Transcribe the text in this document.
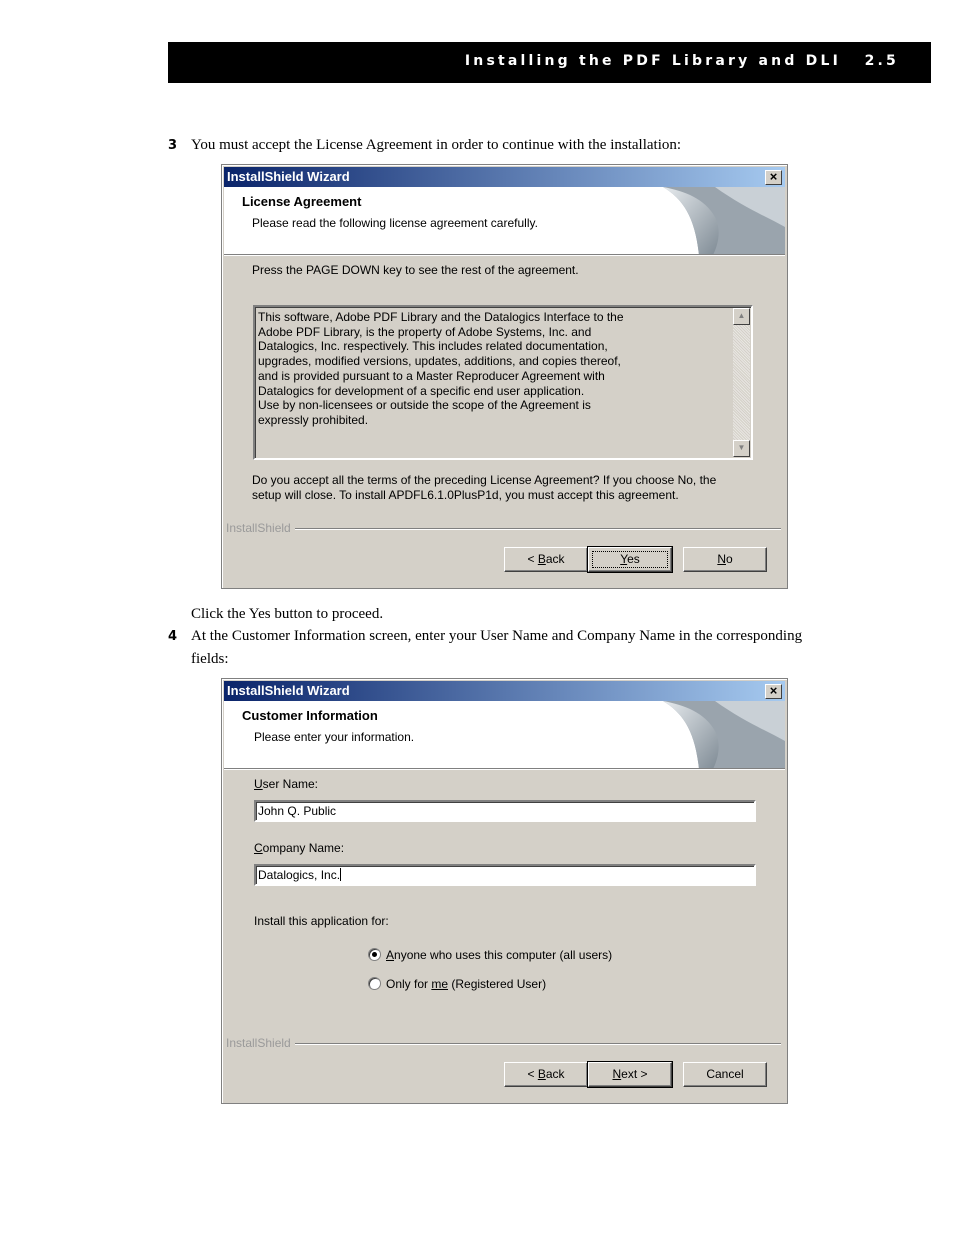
Installing the PDF Library and DLI 2.5
3 You must accept the License Agreement in order to continue with the installation:
InstallShield Wizard	×
License Agreement
Please read the following license agreement carefully.
Press the PAGE DOWN key to see the rest of the agreement.
This software, Adobe PDF Library and the Datalogics Interface to the
Adobe PDF Library, is the property of Adobe Systems, Inc. and
Datalogics, Inc. respectively. This includes related documentation,
upgrades, modified versions, updates, additions, and copies thereof,
and is provided pursuant to a Master Reproducer Agreement with
Datalogics for development of a specific end user application.
Use by non-licensees or outside the scope of the Agreement is
expressly prohibited.
▲
▼
Do you accept all the terms of the preceding License Agreement? If you choose No, the
setup will close. To install APDFL6.1.0PlusP1d, you must accept this agreement.
InstallShield
< Back	Yes	No
Click the Yes button to proceed.
4 At the Customer Information screen, enter your User Name and Company Name in the corresponding
fields:
InstallShield Wizard	×
Customer Information
Please enter your information.
User Name:
John Q. Public
Company Name:
Datalogics, Inc.
Install this application for:
Anyone who uses this computer (all users)
Only for me (Registered User)
InstallShield
< Back	Next >	Cancel
